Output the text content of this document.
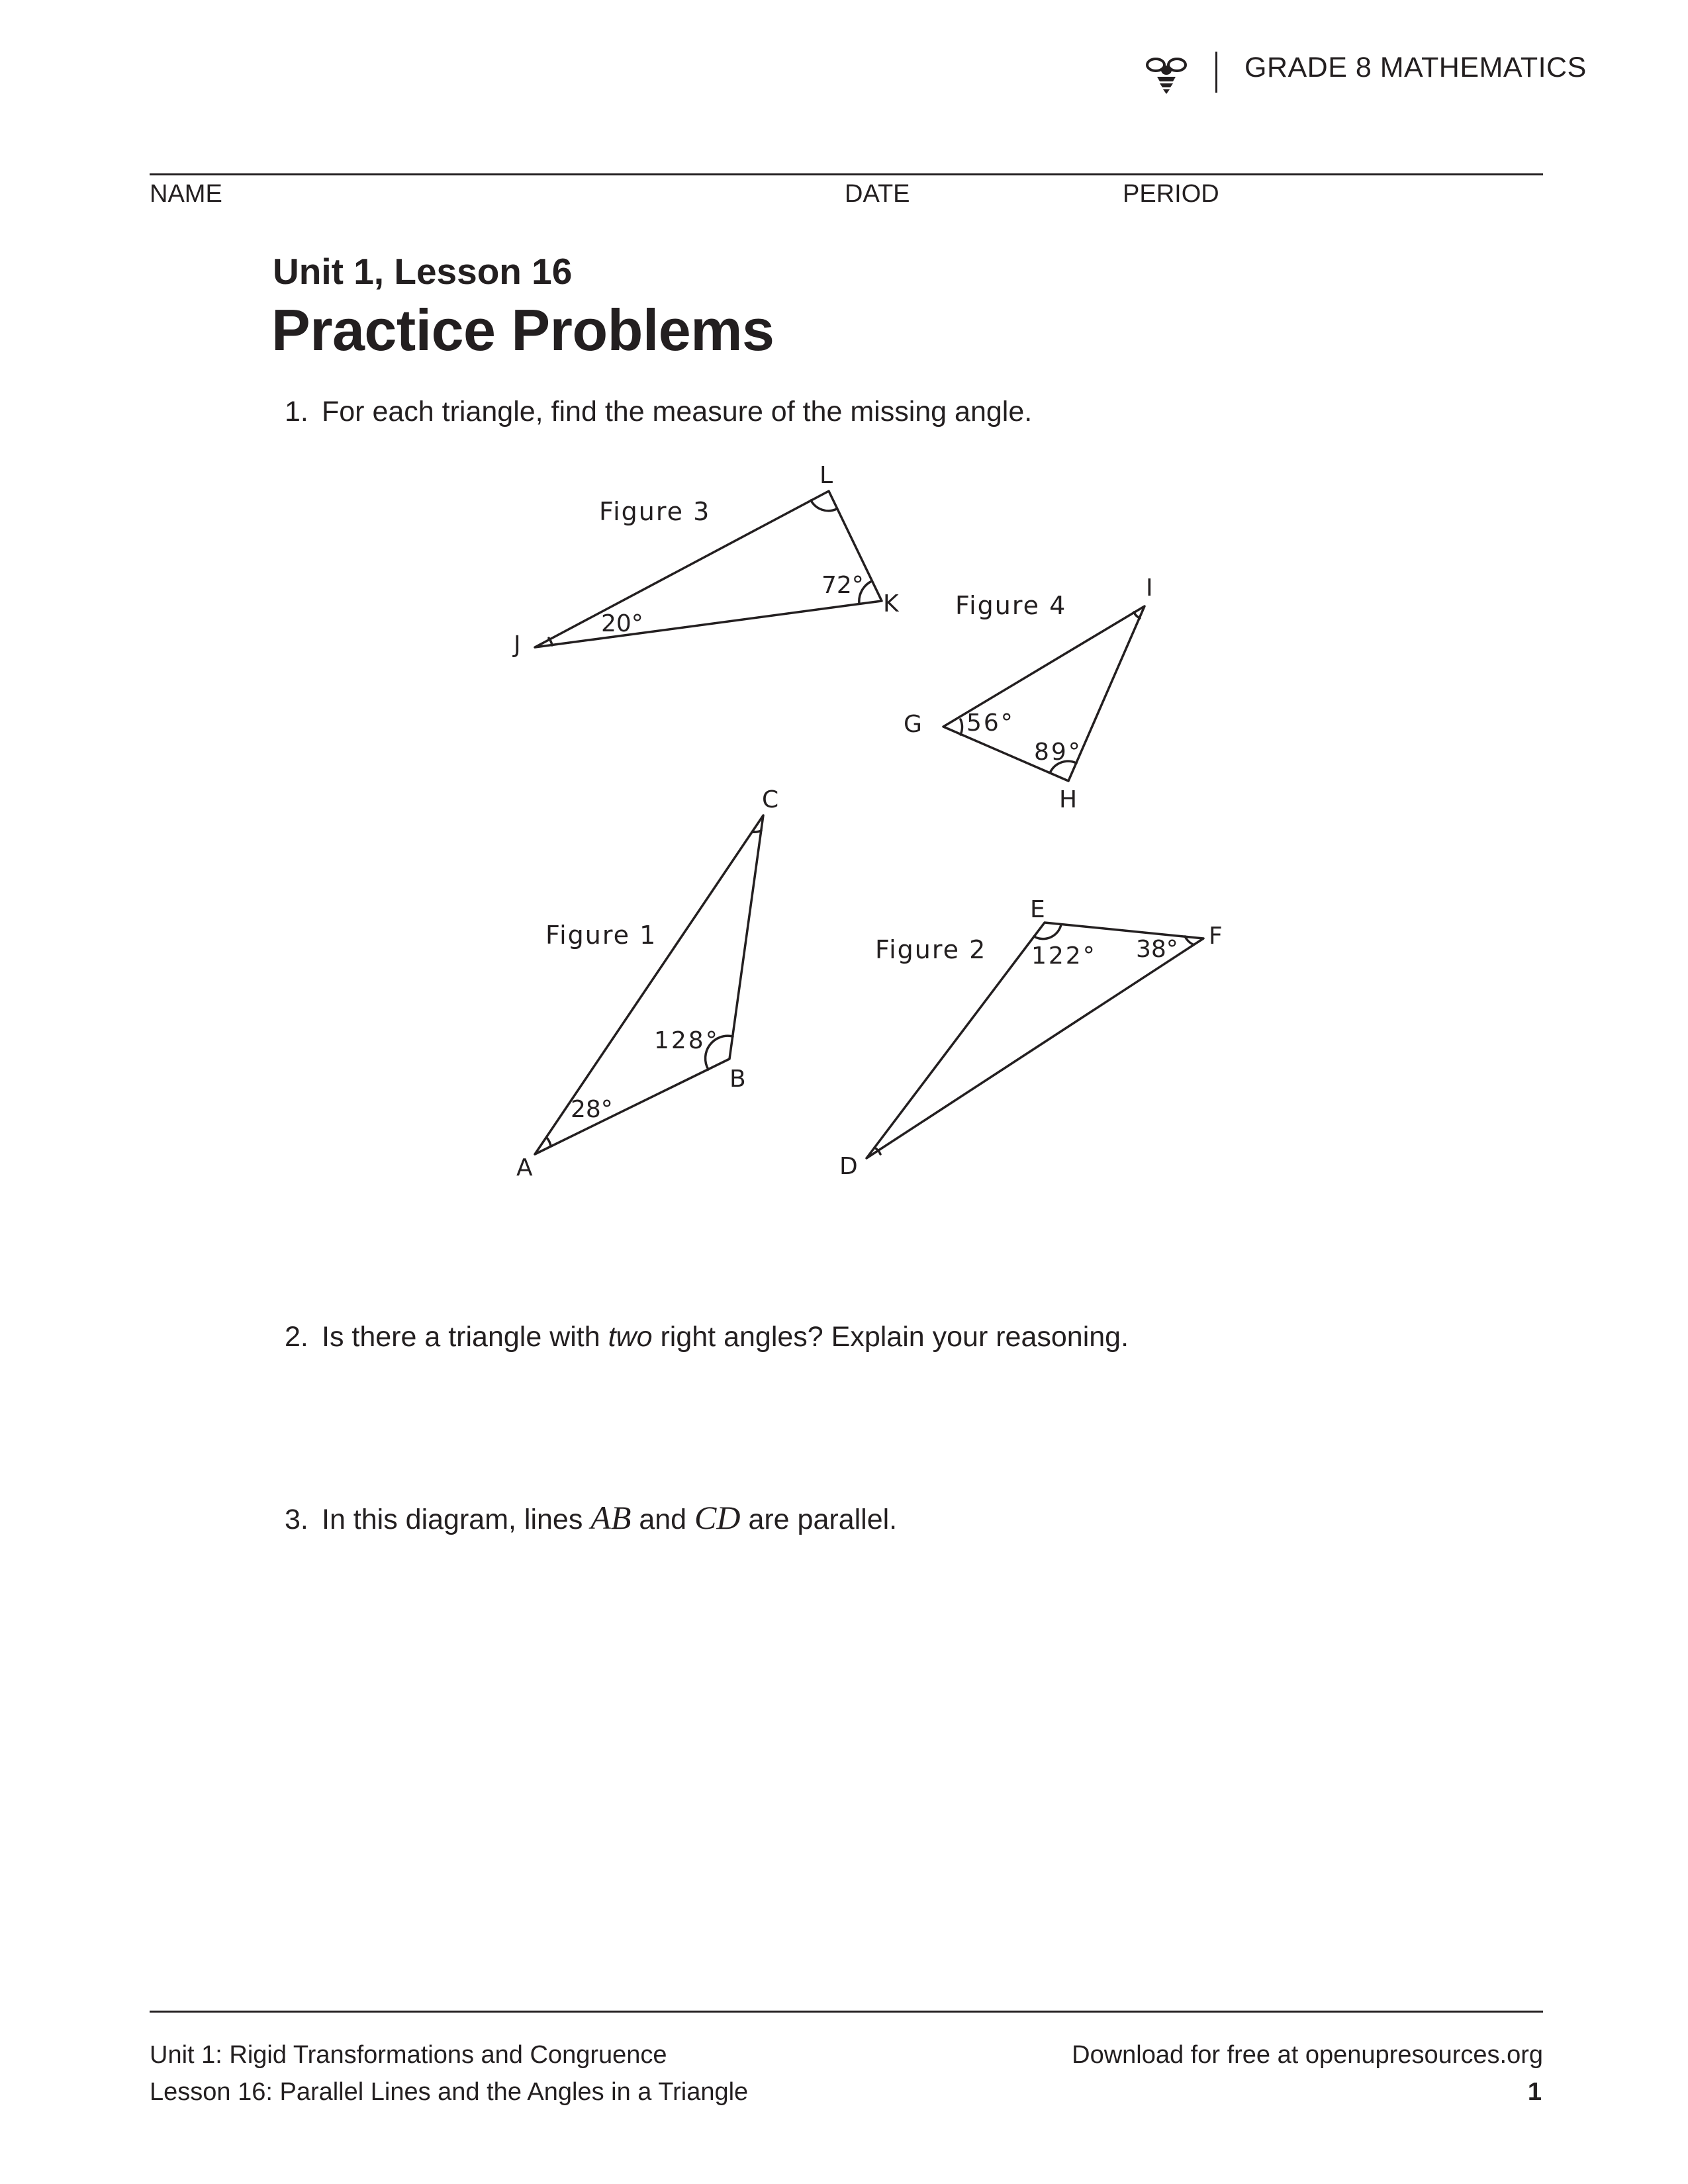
GRADE 8 MATHEMATICS
NAME	DATE	PERIOD
Unit 1, Lesson 16
Practice Problems
1. For each triangle, find the measure of the missing angle.
Figure 3
J
K
L
20°
72°
Figure 4
G
H
I
56°
89°
Figure 1
A
B
C
28°
128°
Figure 2
D
E
F
122° 38°
2. Is there a triangle with two right angles? Explain your reasoning.
3. In this diagram, lines AB and CD are parallel.
Unit 1: Rigid Transformations and Congruence
Lesson 16: Parallel Lines and the Angles in a Triangle
Download for free at openupresources.org
1
